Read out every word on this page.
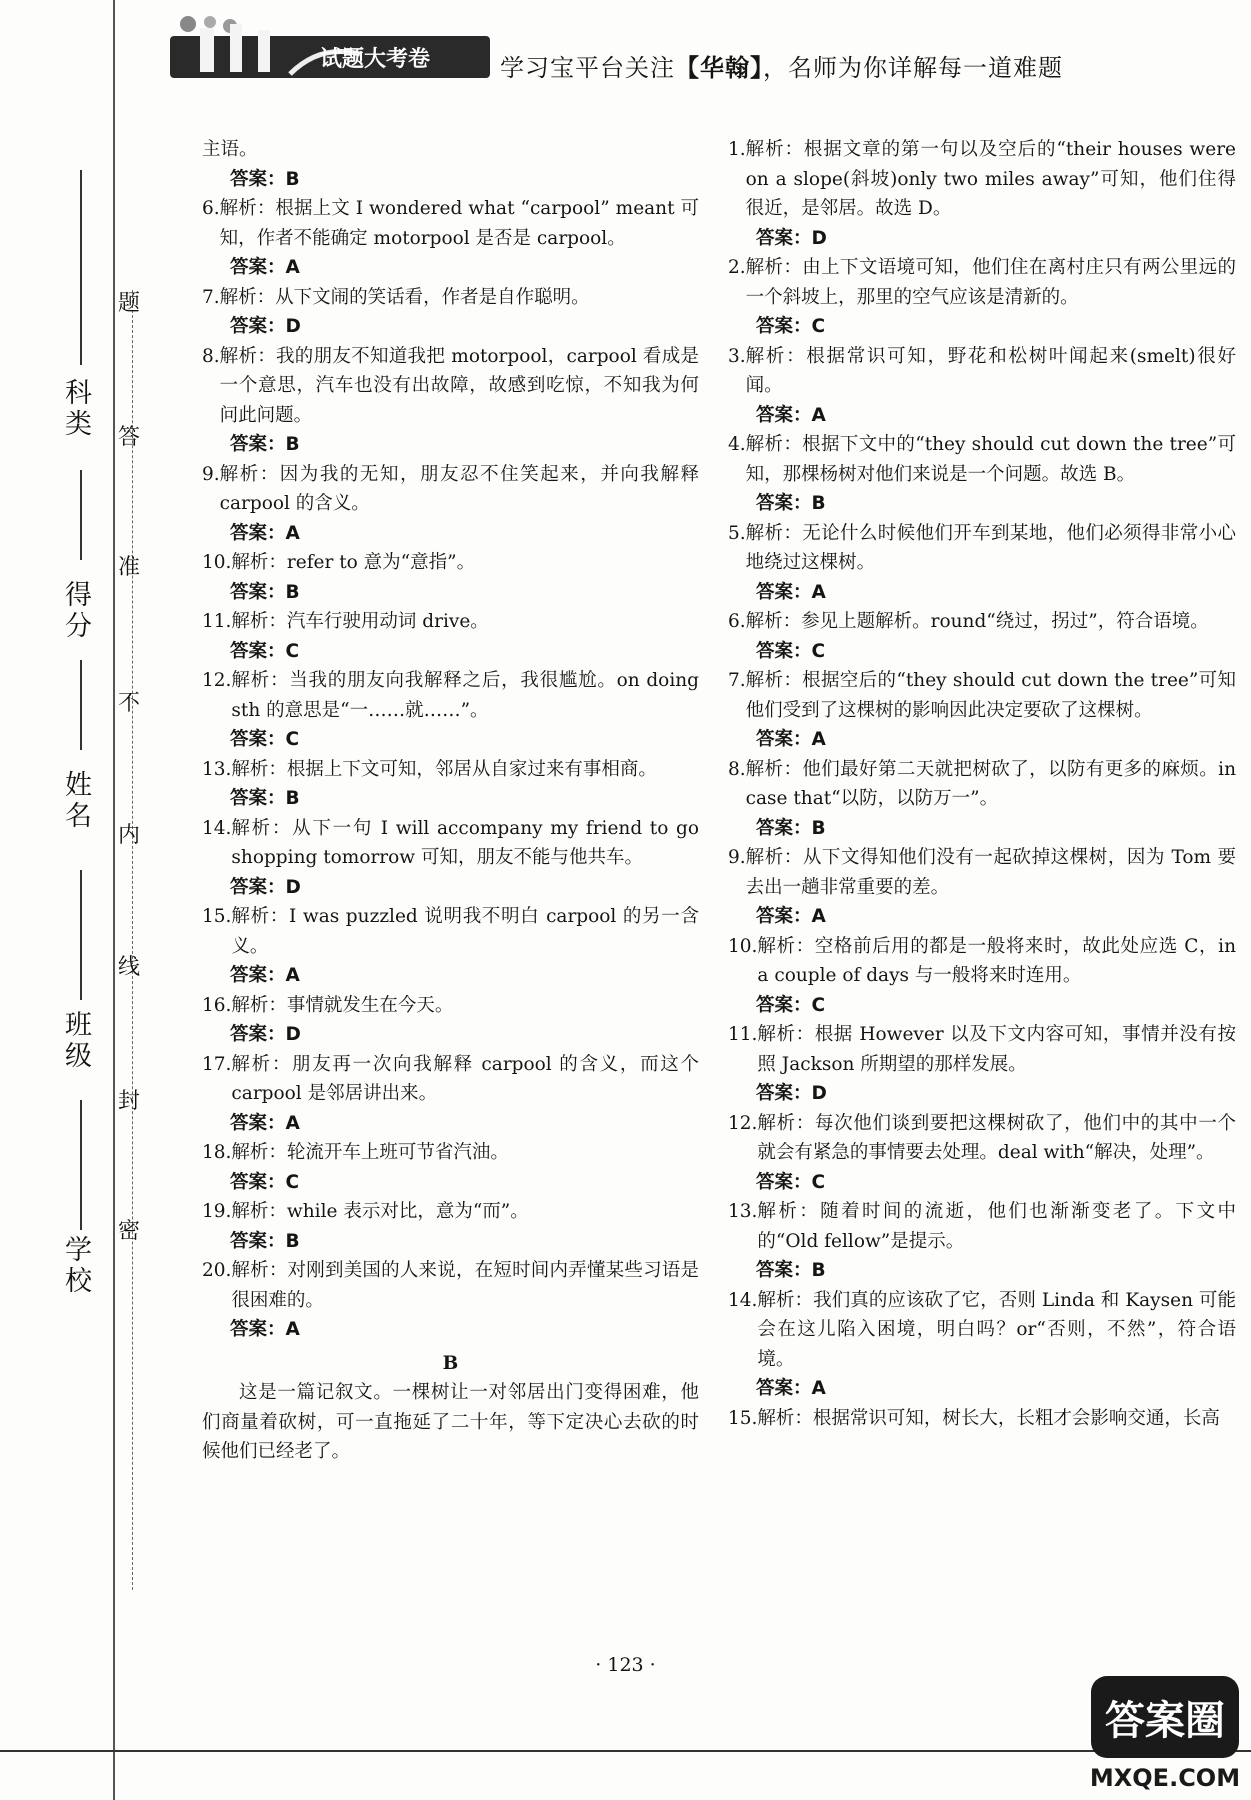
试题大考卷	学习宝平台关注【华翰】，名师为你详解每一道难题
科类
得分
姓名
班级
学校
题
答
准
不
内
线
封
密
主语。
答案：B
6. 解析：根据上文 I wondered what “carpool” meant 可知，作者不能确定 motorpool 是否是 carpool。
答案：A
7. 解析：从下文闹的笑话看，作者是自作聪明。
答案：D
8. 解析：我的朋友不知道我把 motorpool，carpool 看成是一个意思，汽车也没有出故障，故感到吃惊，不知我为何问此问题。
答案：B
9. 解析：因为我的无知，朋友忍不住笑起来，并向我解释 carpool 的含义。
答案：A
10. 解析：refer to 意为“意指”。
答案：B
11. 解析：汽车行驶用动词 drive。
答案：C
12. 解析：当我的朋友向我解释之后，我很尴尬。on doing sth 的意思是“一……就……”。
答案：C
13. 解析：根据上下文可知，邻居从自家过来有事相商。
答案：B
14. 解析：从下一句 I will accompany my friend to go shopping tomorrow 可知，朋友不能与他共车。
答案：D
15. 解析：I was puzzled 说明我不明白 carpool 的另一含义。
答案：A
16. 解析：事情就发生在今天。
答案：D
17. 解析：朋友再一次向我解释 carpool 的含义，而这个 carpool 是邻居讲出来。
答案：A
18. 解析：轮流开车上班可节省汽油。
答案：C
19. 解析：while 表示对比，意为“而”。
答案：B
20. 解析：对刚到美国的人来说，在短时间内弄懂某些习语是很困难的。
答案：A
B
这是一篇记叙文。一棵树让一对邻居出门变得困难，他们商量着砍树，可一直拖延了二十年，等下定决心去砍的时候他们已经老了。
1. 解析：根据文章的第一句以及空后的“their houses were on a slope(斜坡)only two miles away”可知，他们住得很近，是邻居。故选 D。
答案：D
2. 解析：由上下文语境可知，他们住在离村庄只有两公里远的一个斜坡上，那里的空气应该是清新的。
答案：C
3. 解析：根据常识可知，野花和松树叶闻起来(smelt)很好闻。
答案：A
4. 解析：根据下文中的“they should cut down the tree”可知，那棵杨树对他们来说是一个问题。故选 B。
答案：B
5. 解析：无论什么时候他们开车到某地，他们必须得非常小心地绕过这棵树。
答案：A
6. 解析：参见上题解析。round“绕过，拐过”，符合语境。
答案：C
7. 解析：根据空后的“they should cut down the tree”可知他们受到了这棵树的影响因此决定要砍了这棵树。
答案：A
8. 解析：他们最好第二天就把树砍了，以防有更多的麻烦。in case that“以防，以防万一”。
答案：B
9. 解析：从下文得知他们没有一起砍掉这棵树，因为 Tom 要去出一趟非常重要的差。
答案：A
10. 解析：空格前后用的都是一般将来时，故此处应选 C，in a couple of days 与一般将来时连用。
答案：C
11. 解析：根据 However 以及下文内容可知，事情并没有按照 Jackson 所期望的那样发展。
答案：D
12. 解析：每次他们谈到要把这棵树砍了，他们中的其中一个就会有紧急的事情要去处理。deal with“解决，处理”。
答案：C
13. 解析：随着时间的流逝，他们也渐渐变老了。下文中的“Old fellow”是提示。
答案：B
14. 解析：我们真的应该砍了它，否则 Linda 和 Kaysen 可能会在这儿陷入困境，明白吗？or“否则，不然”，符合语境。
答案：A
15. 解析：根据常识可知，树长大，长粗才会影响交通，长高
· 123 ·
答案圈
MXQE.COM
